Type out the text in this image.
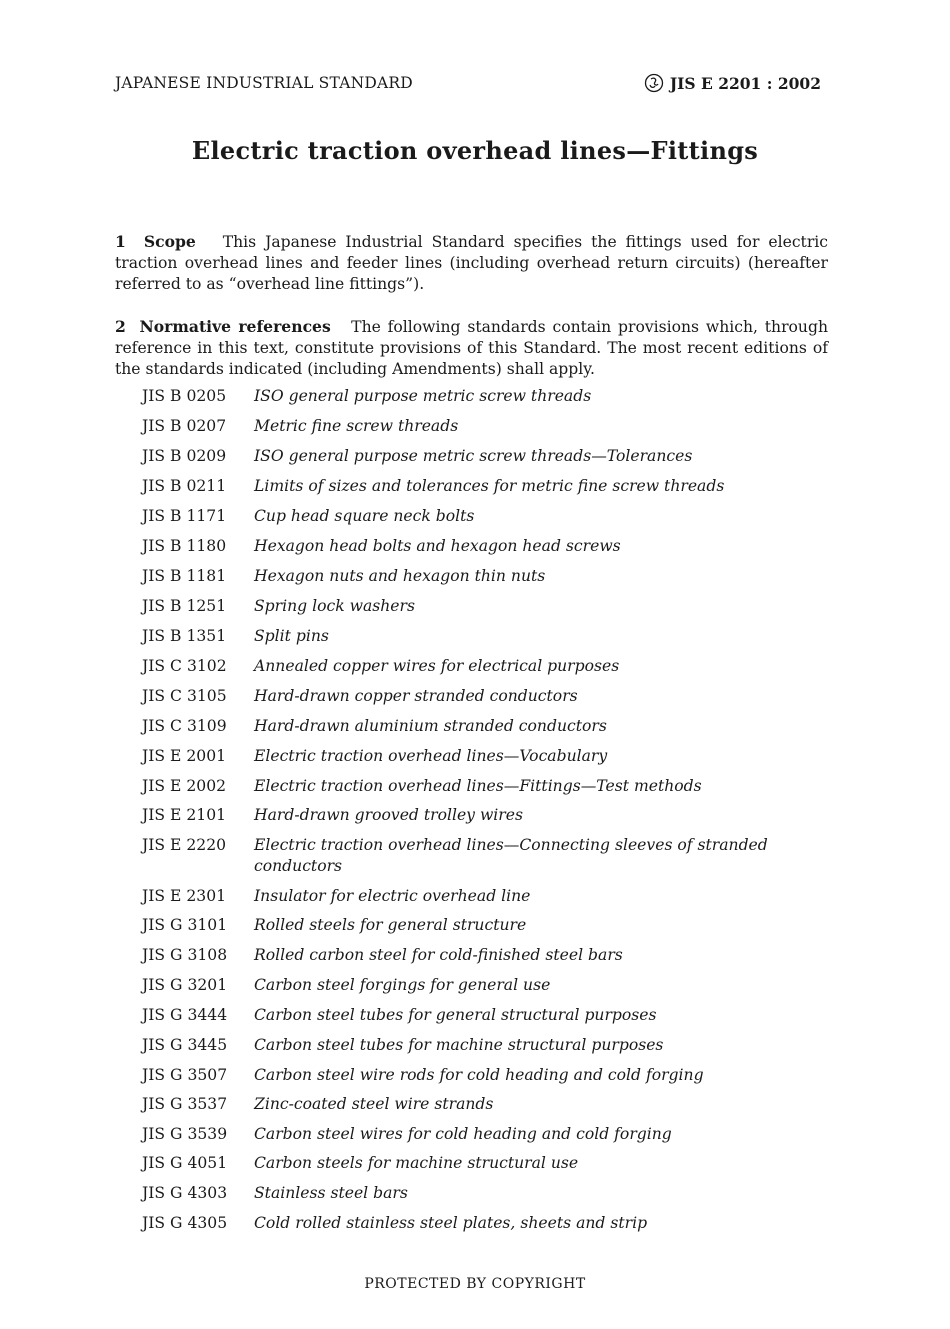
JAPANESE INDUSTRIAL STANDARD	JIS E 2201 : 2002
Electric traction overhead lines—Fittings
1 Scope This Japanese Industrial Standard specifies the fittings used for electric traction overhead lines and feeder lines (including overhead return circuits) (hereafter referred to as “overhead line fittings”).
2 Normative references The following standards contain provisions which, through reference in this text, constitute provisions of this Standard. The most recent editions of the standards indicated (including Amendments) shall apply.
JIS B 0205	ISO general purpose metric screw threads
JIS B 0207	Metric fine screw threads
JIS B 0209	ISO general purpose metric screw threads—Tolerances
JIS B 0211	Limits of sizes and tolerances for metric fine screw threads
JIS B 1171	Cup head square neck bolts
JIS B 1180	Hexagon head bolts and hexagon head screws
JIS B 1181	Hexagon nuts and hexagon thin nuts
JIS B 1251	Spring lock washers
JIS B 1351	Split pins
JIS C 3102	Annealed copper wires for electrical purposes
JIS C 3105	Hard-drawn copper stranded conductors
JIS C 3109	Hard-drawn aluminium stranded conductors
JIS E 2001	Electric traction overhead lines—Vocabulary
JIS E 2002	Electric traction overhead lines—Fittings—Test methods
JIS E 2101	Hard-drawn grooved trolley wires
JIS E 2220	Electric traction overhead lines—Connecting sleeves of stranded conductors
JIS E 2301	Insulator for electric overhead line
JIS G 3101	Rolled steels for general structure
JIS G 3108	Rolled carbon steel for cold-finished steel bars
JIS G 3201	Carbon steel forgings for general use
JIS G 3444	Carbon steel tubes for general structural purposes
JIS G 3445	Carbon steel tubes for machine structural purposes
JIS G 3507	Carbon steel wire rods for cold heading and cold forging
JIS G 3537	Zinc-coated steel wire strands
JIS G 3539	Carbon steel wires for cold heading and cold forging
JIS G 4051	Carbon steels for machine structural use
JIS G 4303	Stainless steel bars
JIS G 4305	Cold rolled stainless steel plates, sheets and strip
PROTECTED BY COPYRIGHT
